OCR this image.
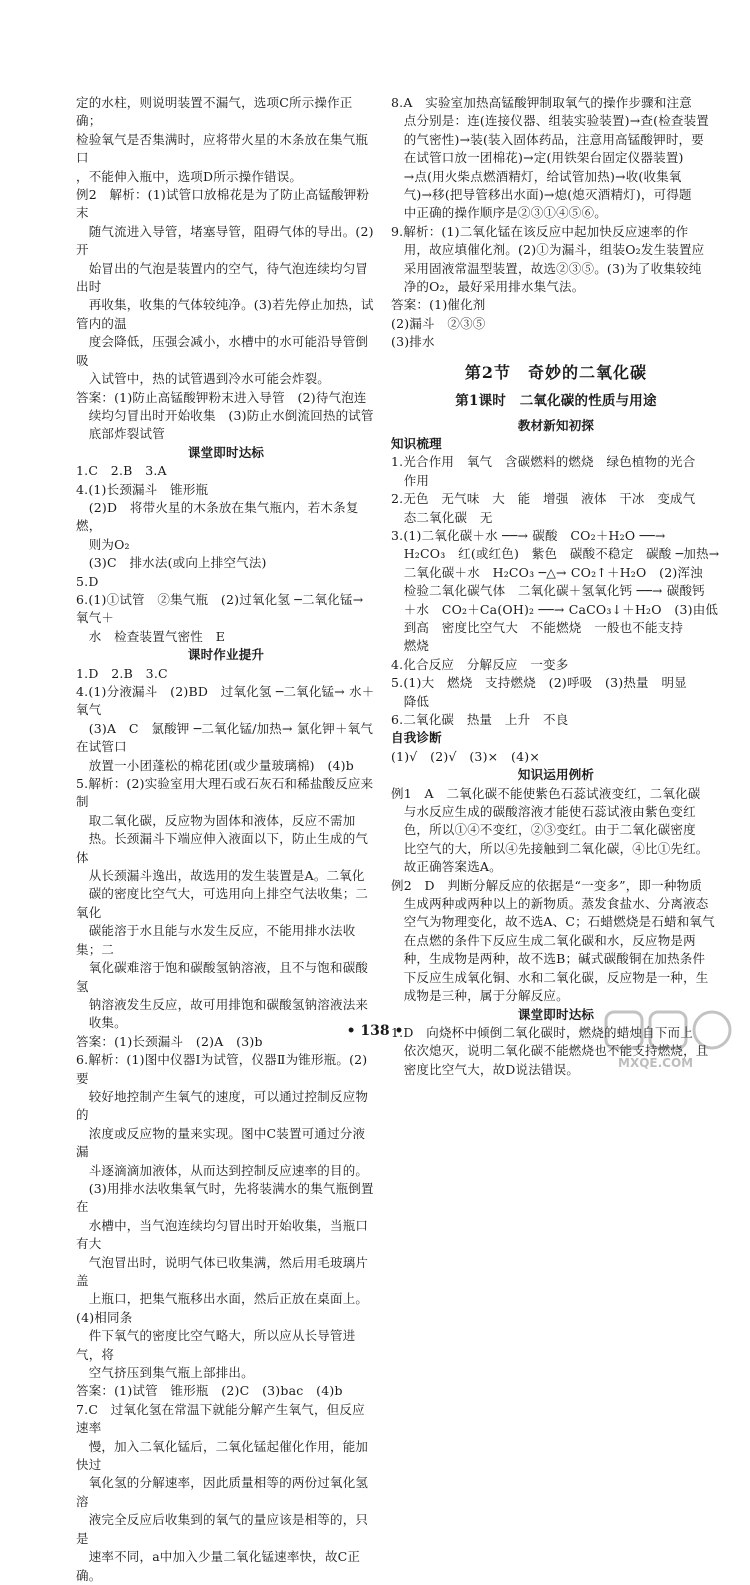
定的水柱，则说明装置不漏气，选项C所示操作正确；

检验氧气是否集满时，应将带火星的木条放在集气瓶口

，不能伸入瓶中，选项D所示操作错误。

例2　解析：(1)试管口放棉花是为了防止高锰酸钾粉末

　随气流进入导管，堵塞导管，阻碍气体的导出。(2)开

　始冒出的气泡是装置内的空气，待气泡连续均匀冒出时

　再收集，收集的气体较纯净。(3)若先停止加热，试管内的温

　度会降低，压强会减小，水槽中的水可能沿导管倒吸

　入试管中，热的试管遇到冷水可能会炸裂。

答案：(1)防止高锰酸钾粉末进入导管　(2)待气泡连

　续均匀冒出时开始收集　(3)防止水倒流回热的试管

　底部炸裂试管

课堂即时达标

1.C　2.B　3.A

4.(1)长颈漏斗　锥形瓶

　(2)D　将带火星的木条放在集气瓶内，若木条复燃，

　则为O₂

　(3)C　排水法(或向上排空气法)

5.D

6.(1)①试管　②集气瓶　(2)过氧化氢 ─二氧化锰→ 氧气＋

　水　检查装置气密性　E

课时作业提升

1.D　2.B　3.C

4.(1)分液漏斗　(2)BD　过氧化氢 ─二氧化锰→ 水＋氧气

　(3)A　C　氯酸钾 ─二氧化锰/加热→ 氯化钾＋氧气　在试管口

　放置一小团蓬松的棉花团(或少量玻璃棉)　(4)b

5.解析：(2)实验室用大理石或石灰石和稀盐酸反应来制

　取二氧化碳，反应物为固体和液体，反应不需加

　热。长颈漏斗下端应伸入液面以下，防止生成的气体

　从长颈漏斗逸出，故选用的发生装置是A。二氧化

　碳的密度比空气大，可选用向上排空气法收集；二氧化

　碳能溶于水且能与水发生反应，不能用排水法收集；二

　氧化碳难溶于饱和碳酸氢钠溶液，且不与饱和碳酸氢

　钠溶液发生反应，故可用排饱和碳酸氢钠溶液法来

　收集。

答案：(1)长颈漏斗　(2)A　(3)b

6.解析：(1)图中仪器Ⅰ为试管，仪器Ⅱ为锥形瓶。(2)要

　较好地控制产生氧气的速度，可以通过控制反应物的

　浓度或反应物的量来实现。图中C装置可通过分液漏

　斗逐滴滴加液体，从而达到控制反应速率的目的。

　(3)用排水法收集氧气时，先将装满水的集气瓶倒置在

　水槽中，当气泡连续均匀冒出时开始收集，当瓶口有大

　气泡冒出时，说明气体已收集满，然后用毛玻璃片盖

　上瓶口，把集气瓶移出水面，然后正放在桌面上。(4)相同条

　件下氧气的密度比空气略大，所以应从长导管进气，将

　空气挤压到集气瓶上部排出。

答案：(1)试管　锥形瓶　(2)C　(3)bac　(4)b

7.C　过氧化氢在常温下就能分解产生氧气，但反应速率

　慢，加入二氧化锰后，二氧化锰起催化作用，能加快过

　氧化氢的分解速率，因此质量相等的两份过氧化氢溶

　液完全反应后收集到的氧气的量应该是相等的，只是

　速率不同，a中加入少量二氧化锰速率快，故C正确。

8.A　实验室加热高锰酸钾制取氧气的操作步骤和注意

　点分别是：连(连接仪器、组装实验装置)→查(检查装置

　的气密性)→装(装入固体药品，注意用高锰酸钾时，要

　在试管口放一团棉花)→定(用铁架台固定仪器装置)

　→点(用火柴点燃酒精灯，给试管加热)→收(收集氧

　气)→移(把导管移出水面)→熄(熄灭酒精灯)，可得题

　中正确的操作顺序是②③①④⑤⑥。

9.解析：(1)二氧化锰在该反应中起加快反应速率的作

　用，故应填催化剂。(2)①为漏斗，组装O₂发生装置应

　采用固液常温型装置，故选②③⑤。(3)为了收集较纯

　净的O₂，最好采用排水集气法。

答案：(1)催化剂

(2)漏斗　②③⑤

(3)排水

第2节　奇妙的二氧化碳

第1课时　二氧化碳的性质与用途

教材新知初探

知识梳理

1.光合作用　氧气　含碳燃料的燃烧　绿色植物的光合

　作用

2.无色　无气味　大　能　增强　液体　干冰　变成气

　态二氧化碳　无

3.(1)二氧化碳＋水 ──→ 碳酸　CO₂＋H₂O ──→

　H₂CO₃　红(或红色)　紫色　碳酸不稳定　碳酸 ─加热→

　二氧化碳＋水　H₂CO₃ ─△→ CO₂↑＋H₂O　(2)浑浊

　检验二氧化碳气体　二氧化碳＋氢氧化钙 ──→ 碳酸钙

　＋水　CO₂＋Ca(OH)₂ ──→ CaCO₃↓＋H₂O　(3)由低

　到高　密度比空气大　不能燃烧　一般也不能支持

　燃烧

4.化合反应　分解反应　一变多

5.(1)大　燃烧　支持燃烧　(2)呼吸　(3)热量　明显

　降低

6.二氧化碳　热量　上升　不良

自我诊断

(1)√　(2)√　(3)×　(4)×

知识运用例析

例1　A　二氧化碳不能使紫色石蕊试液变红，二氧化碳

　与水反应生成的碳酸溶液才能使石蕊试液由紫色变红

　色，所以①④不变红，②③变红。由于二氧化碳密度

　比空气的大，所以④先接触到二氧化碳，④比①先红。

　故正确答案选A。

例2　D　判断分解反应的依据是“一变多”，即一种物质

　生成两种或两种以上的新物质。蒸发食盐水、分离液态

　空气为物理变化，故不选A、C；石蜡燃烧是石蜡和氧气

　在点燃的条件下反应生成二氧化碳和水，反应物是两

　种，生成物是两种，故不选B；碱式碳酸铜在加热条件

　下反应生成氧化铜、水和二氧化碳，反应物是一种，生

　成物是三种，属于分解反应。

课堂即时达标

1.D　向烧杯中倾倒二氧化碳时，燃烧的蜡烛自下而上

　依次熄灭，说明二氧化碳不能燃烧也不能支持燃烧，且

　密度比空气大，故D说法错误。

• 138 •
MXQE.COM
